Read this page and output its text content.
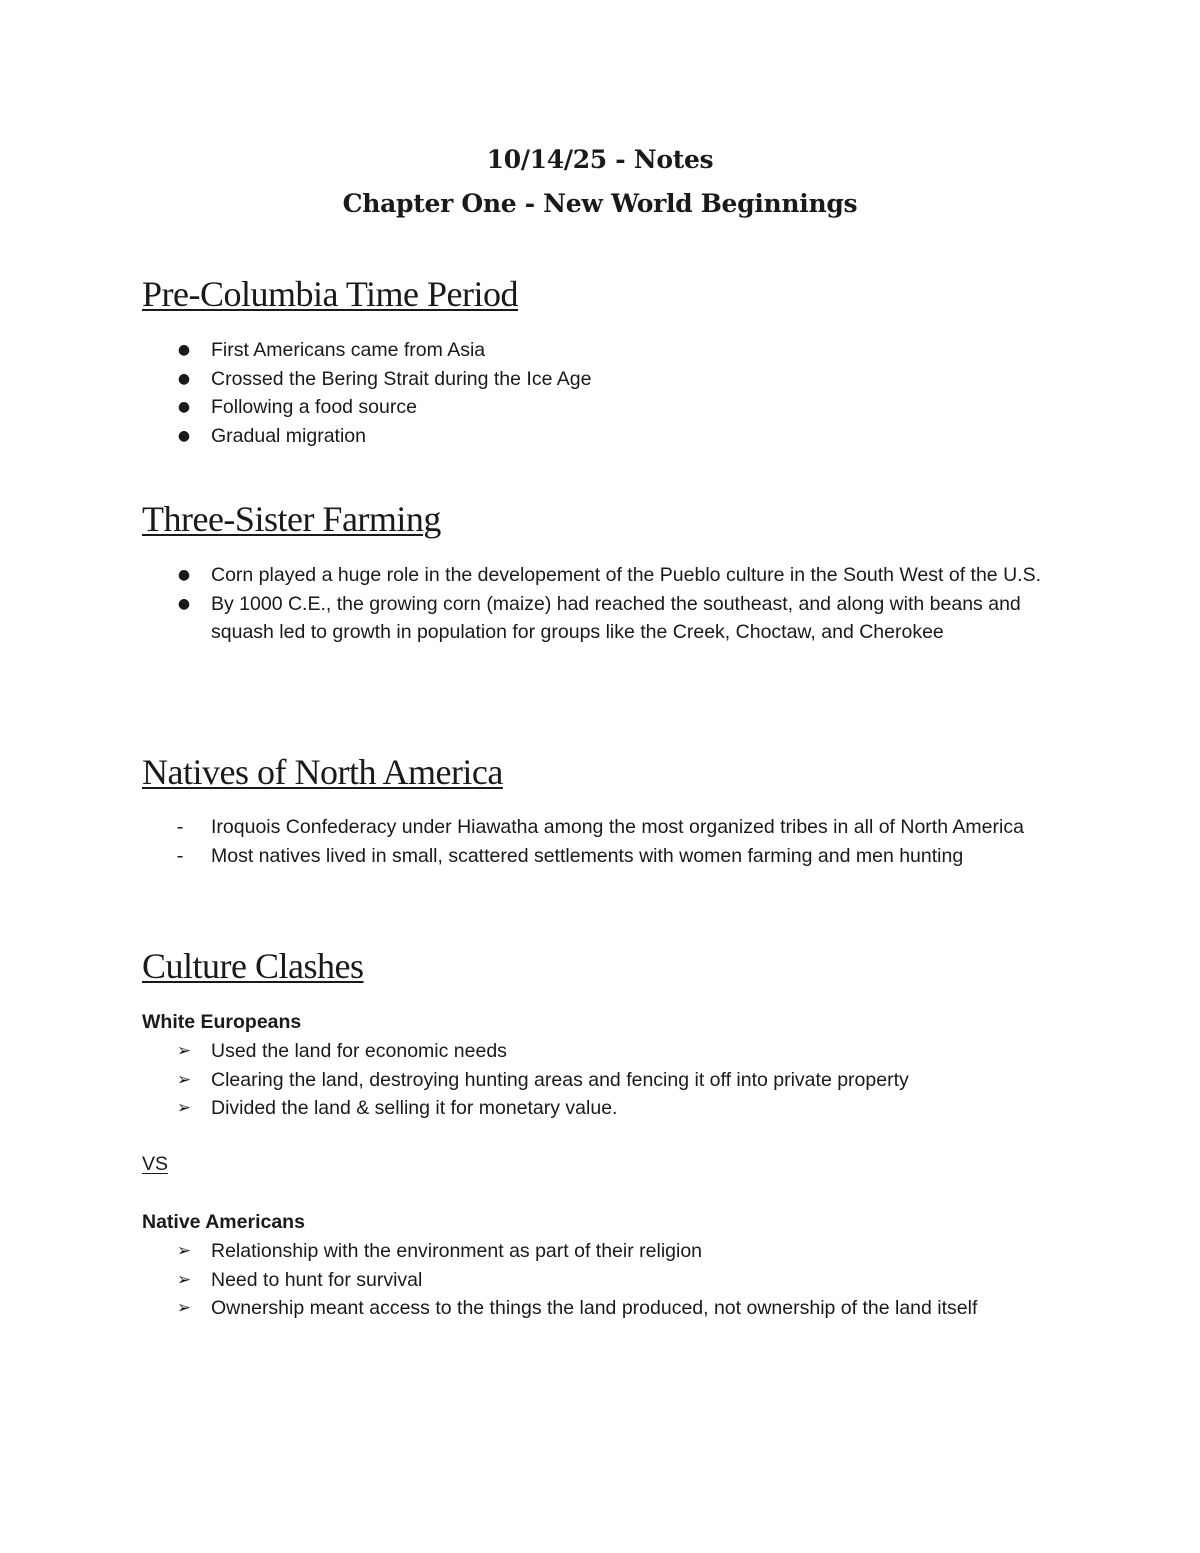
10/14/25 - Notes
Chapter One - New World Beginnings
Pre-Columbia Time Period
●	First Americans came from Asia
●	Crossed the Bering Strait during the Ice Age
●	Following a food source
●	Gradual migration
Three-Sister Farming
●	Corn played a huge role in the developement of the Pueblo culture in the South West of the U.S.
●	By 1000 C.E., the growing corn (maize) had reached the southeast, and along with beans and squash led to growth in population for groups like the Creek, Choctaw, and Cherokee
Natives of North America
-	Iroquois Confederacy under Hiawatha among the most organized tribes in all of North America
-	Most natives lived in small, scattered settlements with women farming and men hunting
Culture Clashes

White Europeans

➢ Used the land for economic needs
➢ Clearing the land, destroying hunting areas and fencing it off into private property
➢ Divided the land & selling it for monetary value.

VS

Native Americans

➢ Relationship with the environment as part of their religion
➢ Need to hunt for survival
➢ Ownership meant access to the things the land produced, not ownership of the land itself
